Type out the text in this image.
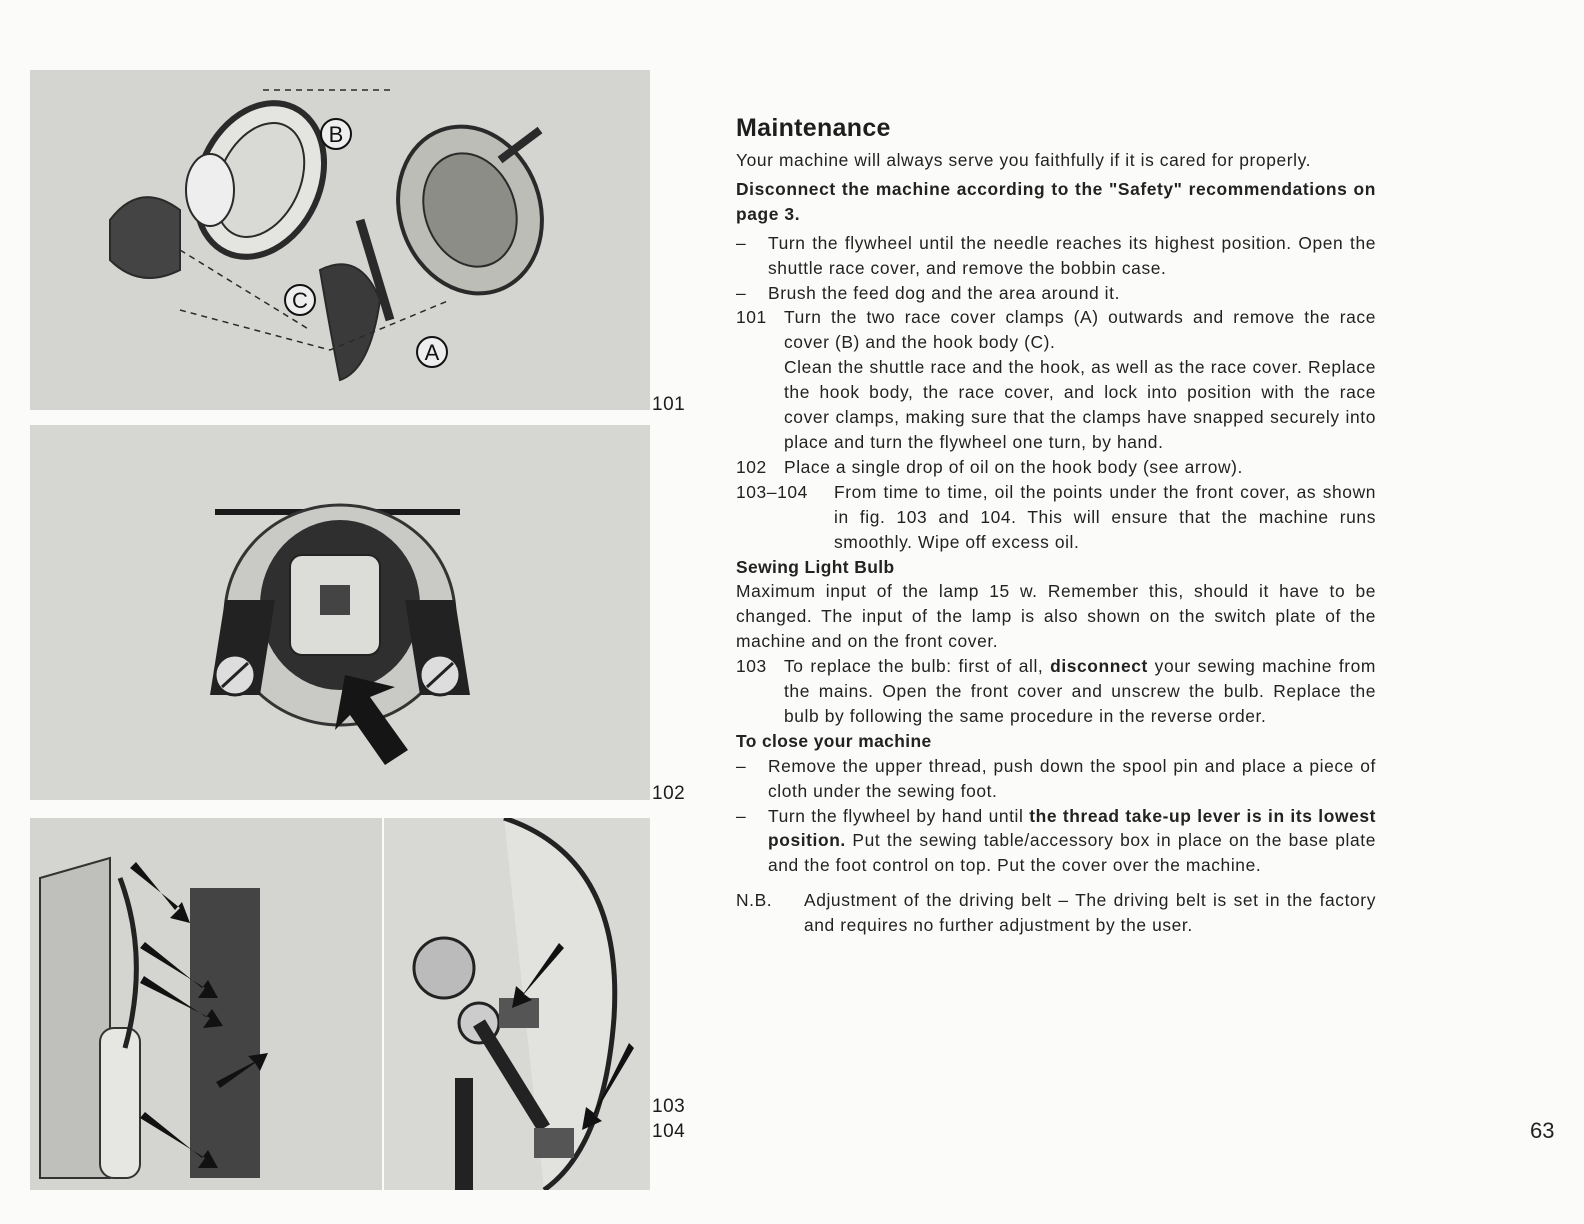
B
C
A
101
102
103
104
Maintenance

Your machine will always serve you faithfully if it is cared for properly.

Disconnect the machine according to the "Safety" recommendations on page 3.

– Turn the flywheel until the needle reaches its highest position. Open the shuttle race cover, and remove the bobbin case.

– Brush the feed dog and the area around it.

101 Turn the two race cover clamps (A) outwards and remove the race cover (B) and the hook body (C).
Clean the shuttle race and the hook, as well as the race cover. Replace the hook body, the race cover, and lock into position with the race cover clamps, making sure that the clamps have snapped securely into place and turn the flywheel one turn, by hand.

102 Place a single drop of oil on the hook body (see arrow).

103–104 From time to time, oil the points under the front cover, as shown in fig. 103 and 104. This will ensure that the machine runs smoothly. Wipe off excess oil.

Sewing Light Bulb

Maximum input of the lamp 15 w. Remember this, should it have to be changed. The input of the lamp is also shown on the switch plate of the machine and on the front cover.

103 To replace the bulb: first of all, disconnect your sewing machine from the mains. Open the front cover and unscrew the bulb. Replace the bulb by following the same procedure in the reverse order.

To close your machine

– Remove the upper thread, push down the spool pin and place a piece of cloth under the sewing foot.

– Turn the flywheel by hand until the thread take-up lever is in its lowest position. Put the sewing table/accessory box in place on the base plate and the foot control on top. Put the cover over the machine.

N.B. Adjustment of the driving belt – The driving belt is set in the factory and requires no further adjustment by the user.

63
